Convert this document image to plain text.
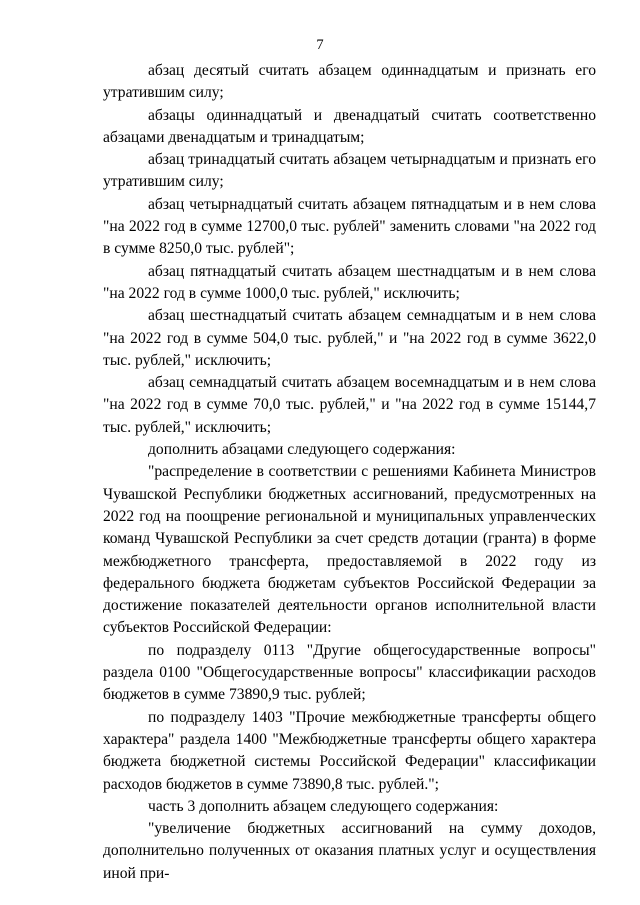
7

абзац десятый считать абзацем одиннадцатым и признать его утратившим силу;

абзацы одиннадцатый и двенадцатый считать соответственно абзацами двенадцатым и тринадцатым;

абзац тринадцатый считать абзацем четырнадцатым и признать его утратившим силу;

абзац четырнадцатый считать абзацем пятнадцатым и в нем слова "на 2022 год в сумме 12700,0 тыс. рублей" заменить словами "на 2022 год в сумме 8250,0 тыс. рублей";

абзац пятнадцатый считать абзацем шестнадцатым и в нем слова "на 2022 год в сумме 1000,0 тыс. рублей," исключить;

абзац шестнадцатый считать абзацем семнадцатым и в нем слова "на 2022 год в сумме 504,0 тыс. рублей," и "на 2022 год в сумме 3622,0 тыс. рублей," исключить;

абзац семнадцатый считать абзацем восемнадцатым и в нем слова "на 2022 год в сумме 70,0 тыс. рублей," и "на 2022 год в сумме 15144,7 тыс. рублей," исключить;

дополнить абзацами следующего содержания:

"распределение в соответствии с решениями Кабинета Министров Чувашской Республики бюджетных ассигнований, предусмотренных на 2022 год на поощрение региональной и муниципальных управленческих команд Чувашской Республики за счет средств дотации (гранта) в форме межбюджетного трансферта, предоставляемой в 2022 году из федерального бюджета бюджетам субъектов Российской Федерации за достижение показателей деятельности органов исполнительной власти субъектов Российской Федерации:

по подразделу 0113 "Другие общегосударственные вопросы" раздела 0100 "Общегосударственные вопросы" классификации расходов бюджетов в сумме 73890,9 тыс. рублей;

по подразделу 1403 "Прочие межбюджетные трансферты общего характера" раздела 1400 "Межбюджетные трансферты общего характера бюджета бюджетной системы Российской Федерации" классификации расходов бюджетов в сумме 73890,8 тыс. рублей.";

часть 3 дополнить абзацем следующего содержания:

"увеличение бюджетных ассигнований на сумму доходов, дополнительно полученных от оказания платных услуг и осуществления иной при-
